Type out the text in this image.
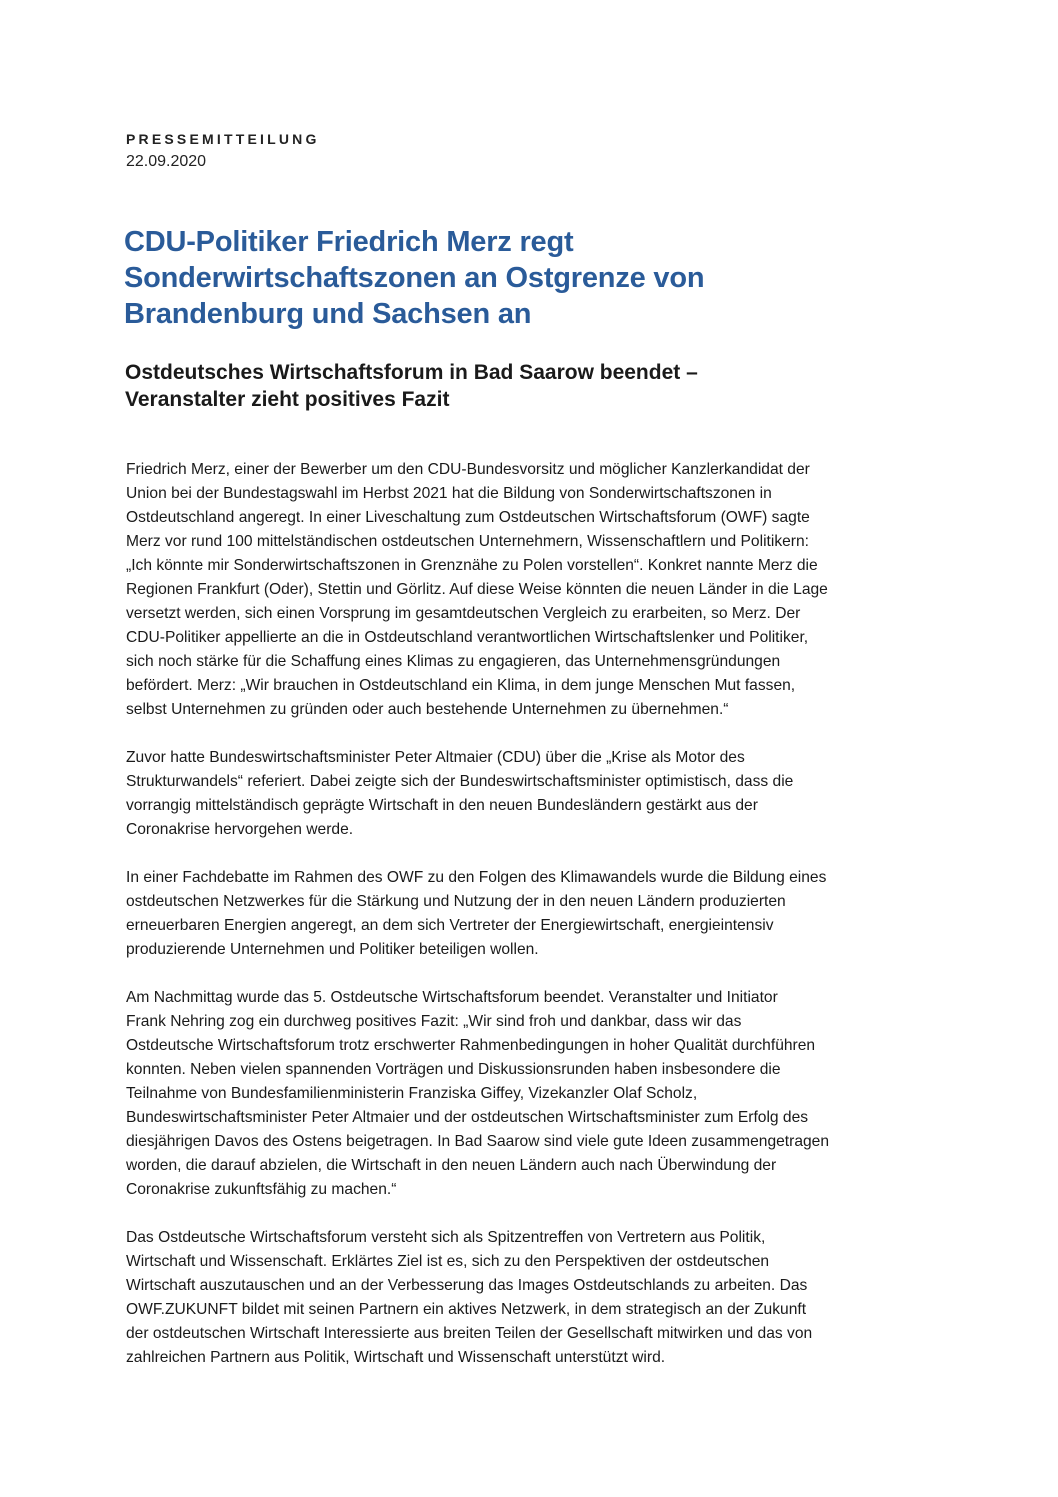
PRESSEMITTEILUNG
22.09.2020
CDU-Politiker Friedrich Merz regt
Sonderwirtschaftszonen an Ostgrenze von
Brandenburg und Sachsen an
Ostdeutsches Wirtschaftsforum in Bad Saarow beendet –
Veranstalter zieht positives Fazit

Friedrich Merz, einer der Bewerber um den CDU-Bundesvorsitz und möglicher Kanzlerkandidat der
Union bei der Bundestagswahl im Herbst 2021 hat die Bildung von Sonderwirtschaftszonen in
Ostdeutschland angeregt. In einer Liveschaltung zum Ostdeutschen Wirtschaftsforum (OWF) sagte
Merz vor rund 100 mittelständischen ostdeutschen Unternehmern, Wissenschaftlern und Politikern:
„Ich könnte mir Sonderwirtschaftszonen in Grenznähe zu Polen vorstellen“. Konkret nannte Merz die
Regionen Frankfurt (Oder), Stettin und Görlitz. Auf diese Weise könnten die neuen Länder in die Lage
versetzt werden, sich einen Vorsprung im gesamtdeutschen Vergleich zu erarbeiten, so Merz. Der
CDU-Politiker appellierte an die in Ostdeutschland verantwortlichen Wirtschaftslenker und Politiker,
sich noch stärke für die Schaffung eines Klimas zu engagieren, das Unternehmensgründungen
befördert. Merz: „Wir brauchen in Ostdeutschland ein Klima, in dem junge Menschen Mut fassen,
selbst Unternehmen zu gründen oder auch bestehende Unternehmen zu übernehmen.“

Zuvor hatte Bundeswirtschaftsminister Peter Altmaier (CDU) über die „Krise als Motor des
Strukturwandels“ referiert. Dabei zeigte sich der Bundeswirtschaftsminister optimistisch, dass die
vorrangig mittelständisch geprägte Wirtschaft in den neuen Bundesländern gestärkt aus der
Coronakrise hervorgehen werde.

In einer Fachdebatte im Rahmen des OWF zu den Folgen des Klimawandels wurde die Bildung eines
ostdeutschen Netzwerkes für die Stärkung und Nutzung der in den neuen Ländern produzierten
erneuerbaren Energien angeregt, an dem sich Vertreter der Energiewirtschaft, energieintensiv
produzierende Unternehmen und Politiker beteiligen wollen.

Am Nachmittag wurde das 5. Ostdeutsche Wirtschaftsforum beendet. Veranstalter und Initiator
Frank Nehring zog ein durchweg positives Fazit: „Wir sind froh und dankbar, dass wir das
Ostdeutsche Wirtschaftsforum trotz erschwerter Rahmenbedingungen in hoher Qualität durchführen
konnten. Neben vielen spannenden Vorträgen und Diskussionsrunden haben insbesondere die
Teilnahme von Bundesfamilienministerin Franziska Giffey, Vizekanzler Olaf Scholz,
Bundeswirtschaftsminister Peter Altmaier und der ostdeutschen Wirtschaftsminister zum Erfolg des
diesjährigen Davos des Ostens beigetragen. In Bad Saarow sind viele gute Ideen zusammengetragen
worden, die darauf abzielen, die Wirtschaft in den neuen Ländern auch nach Überwindung der
Coronakrise zukunftsfähig zu machen.“

Das Ostdeutsche Wirtschaftsforum versteht sich als Spitzentreffen von Vertretern aus Politik,
Wirtschaft und Wissenschaft. Erklärtes Ziel ist es, sich zu den Perspektiven der ostdeutschen
Wirtschaft auszutauschen und an der Verbesserung das Images Ostdeutschlands zu arbeiten. Das
OWF.ZUKUNFT bildet mit seinen Partnern ein aktives Netzwerk, in dem strategisch an der Zukunft
der ostdeutschen Wirtschaft Interessierte aus breiten Teilen der Gesellschaft mitwirken und das von
zahlreichen Partnern aus Politik, Wirtschaft und Wissenschaft unterstützt wird.
